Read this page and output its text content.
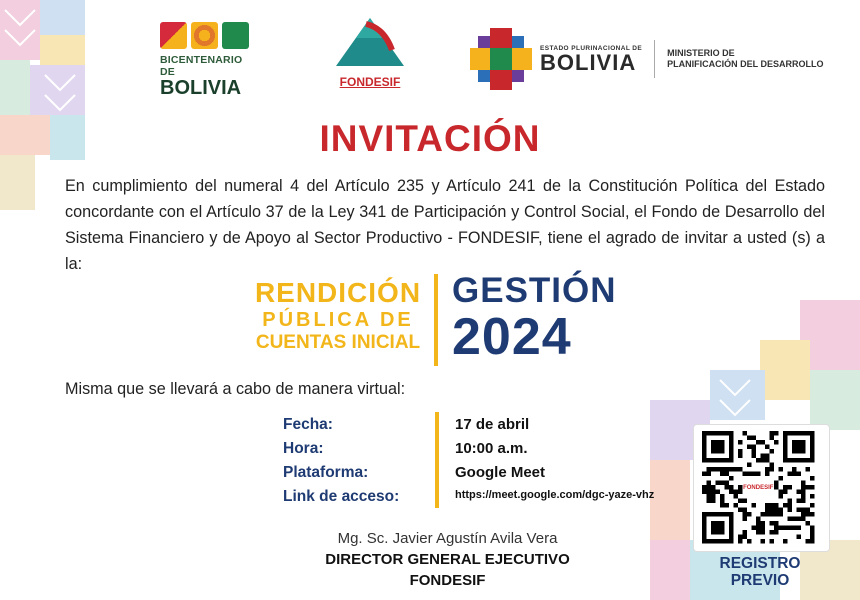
BICENTENARIO DE
BOLIVIA	FONDESIF
ESTADO PLURINACIONAL DE
BOLIVIA	MINISTERIO DE
PLANIFICACIÓN DEL DESARROLLO
INVITACIÓN
En cumplimiento del numeral 4 del Artículo 235 y Artículo 241 de la Constitución Política del Estado concordante con el Artículo 37 de la Ley 341 de Participación y Control Social, el Fondo de Desarrollo del Sistema Financiero y de Apoyo al Sector Productivo - FONDESIF, tiene el agrado de invitar a usted (s) a la:
RENDICIÓN
PÚBLICA DE
CUENTAS INICIAL
GESTIÓN
2024
Misma que se llevará a cabo de manera virtual:
Fecha:
Hora:
Plataforma:
Link de acceso:
17 de abril
10:00 a.m.
Google Meet
https://meet.google.com/dgc-yaze-vhz
Mg. Sc. Javier Agustín Avila Vera
DIRECTOR GENERAL EJECUTIVO
FONDESIF
FONDESIF
REGISTRO
PREVIO
